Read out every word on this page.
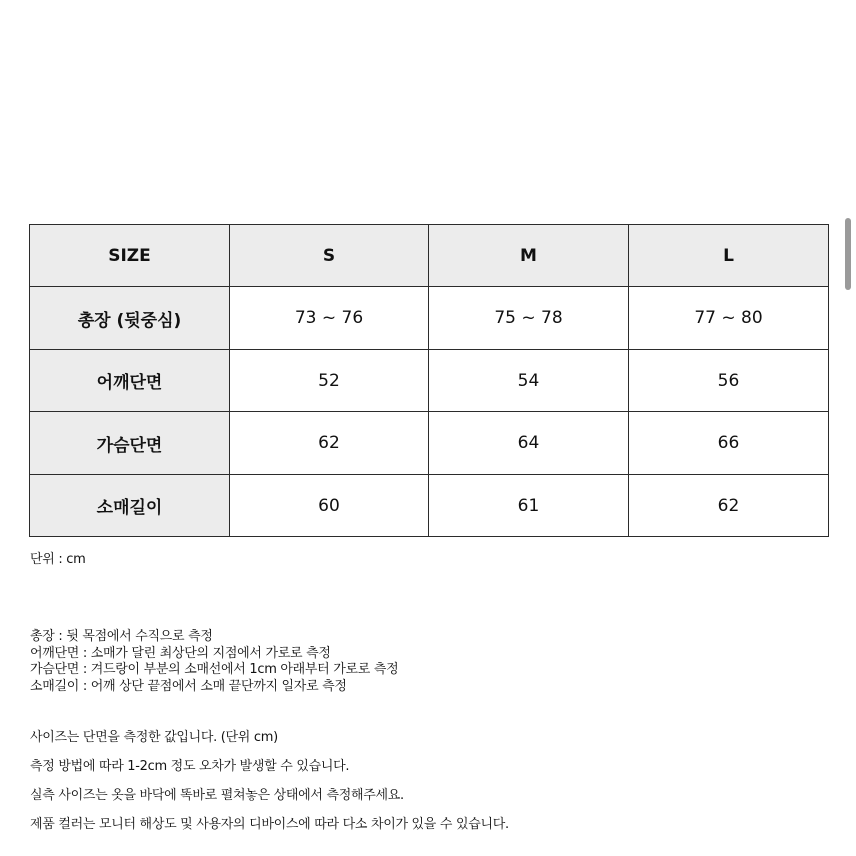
SIZE	S	M	L
총장 (뒷중심)	73 ~ 76	75 ~ 78	77 ~ 80
어깨단면	52	54	56
가슴단면	62	64	66
소매길이	60	61	62
단위 : cm
총장 : 뒷 목점에서 수직으로 측정
어깨단면 : 소매가 달린 최상단의 지점에서 가로로 측정
가슴단면 : 겨드랑이 부분의 소매선에서 1cm 아래부터 가로로 측정
소매길이 : 어깨 상단 끝점에서 소매 끝단까지 일자로 측정
사이즈는 단면을 측정한 값입니다. (단위 cm)
측정 방법에 따라 1-2cm 정도 오차가 발생할 수 있습니다.
실측 사이즈는 옷을 바닥에 똑바로 펼쳐놓은 상태에서 측정해주세요.
제품 컬러는 모니터 해상도 및 사용자의 디바이스에 따라 다소 차이가 있을 수 있습니다.
